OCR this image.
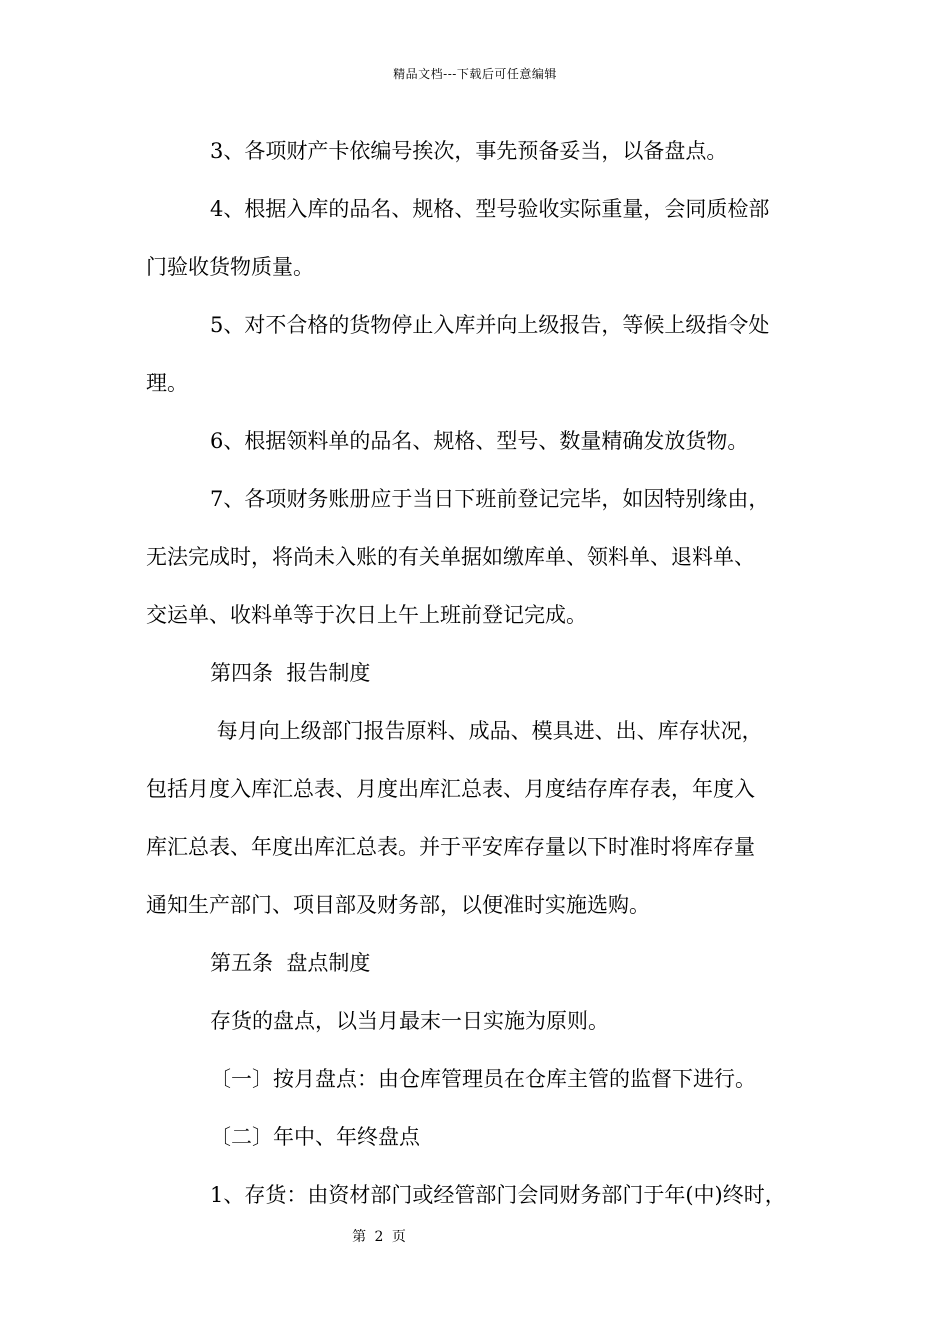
精品文档---下载后可任意编辑
3、各项财产卡依编号挨次，事先预备妥当，以备盘点。
4、根据入库的品名、规格、型号验收实际重量，会同质检部
门验收货物质量。
5、对不合格的货物停止入库并向上级报告，等候上级指令处
理。
6、根据领料单的品名、规格、型号、数量精确发放货物。
7、各项财务账册应于当日下班前登记完毕，如因特别缘由，
无法完成时，将尚未入账的有关单据如缴库单、领料单、退料单、
交运单、收料单等于次日上午上班前登记完成。
第四条  报告制度
每月向上级部门报告原料、成品、模具进、出、库存状况，
包括月度入库汇总表、月度出库汇总表、月度结存库存表，年度入
库汇总表、年度出库汇总表。并于平安库存量以下时准时将库存量
通知生产部门、项目部及财务部，以便准时实施选购。
第五条  盘点制度
存货的盘点，以当月最末一日实施为原则。
〔一〕按月盘点：由仓库管理员在仓库主管的监督下进行。
〔二〕年中、年终盘点
1、存货：由资材部门或经管部门会同财务部门于年(中)终时，
第 2 页
